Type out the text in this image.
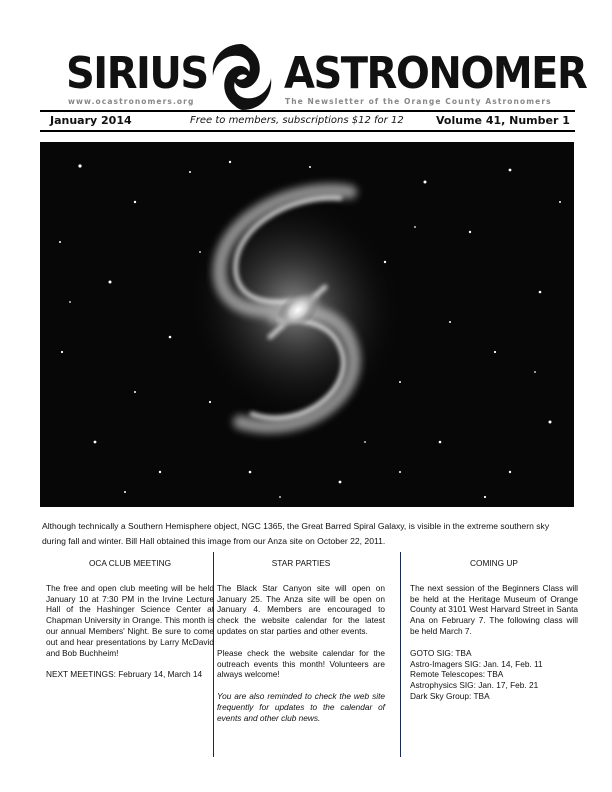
SIRIUS ASTRONOMER
www.ocastronomers.org	The Newsletter of the Orange County Astronomers
January 2014	Free to members, subscriptions $12 for 12	Volume 41, Number 1
Although technically a Southern Hemisphere object, NGC 1365, the Great Barred Spiral Galaxy, is visible in the extreme southern sky during fall and winter. Bill Hall obtained this image from our Anza site on October 22, 2011.
OCA CLUB MEETING

The free and open club meeting will be held January 10 at 7:30 PM in the Irvine Lecture Hall of the Hashinger Science Center at Chapman University in Orange. This month is our annual Members' Night. Be sure to come out and hear presentations by Larry McDavid and Bob Buchheim!

NEXT MEETINGS: February 14, March 14

STAR PARTIES

The Black Star Canyon site will open on January 25. The Anza site will be open on January 4. Members are encouraged to check the website calendar for the latest updates on star parties and other events.

Please check the website calendar for the outreach events this month! Volunteers are always welcome!

You are also reminded to check the web site frequently for updates to the calendar of events and other club news.

COMING UP

The next session of the Beginners Class will be held at the Heritage Museum of Orange County at 3101 West Harvard Street in Santa Ana on February 7. The following class will be held March 7.

GOTO SIG: TBA

Astro-Imagers SIG: Jan. 14, Feb. 11

Remote Telescopes: TBA

Astrophysics SIG: Jan. 17, Feb. 21

Dark Sky Group: TBA
